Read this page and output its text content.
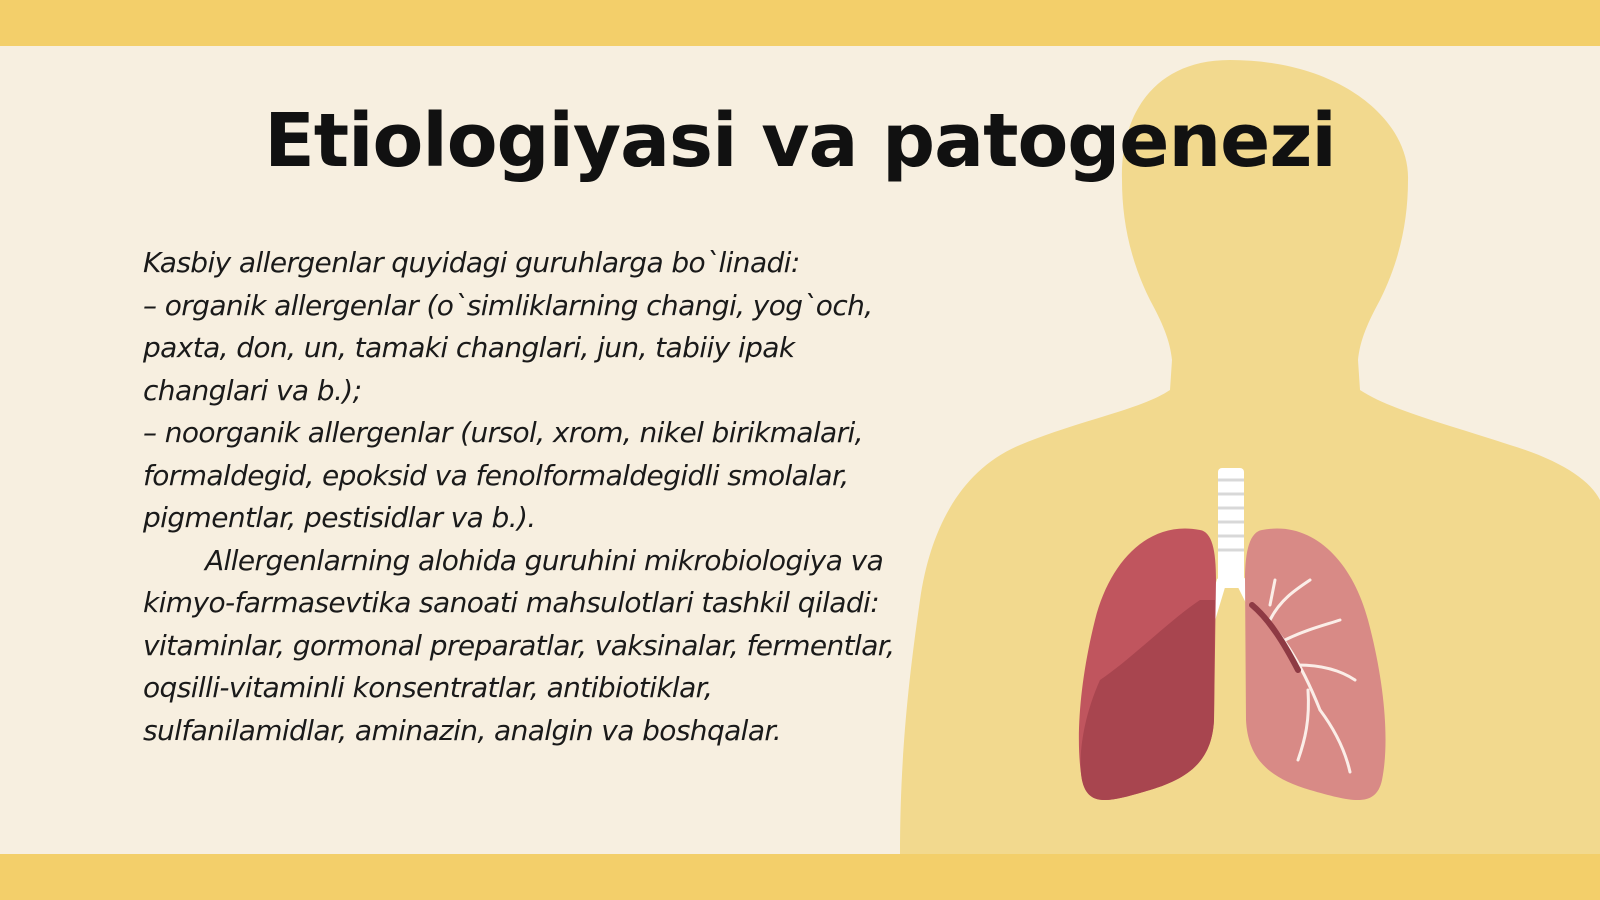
Etiologiyasi va patogenezi

Kasbiy allergenlar quyidagi guruhlarga bo`linadi:

– organik allergenlar (o`simliklarning changi, yog`och,

paxta, don, un, tamaki changlari, jun, tabiiy ipak

changlari va b.);

– noorganik allergenlar (ursol, xrom, nikel birikmalari,

formaldegid, epoksid va fenolformaldegidli smolalar,

pigmentlar, pestisidlar va b.).

Allergenlarning alohida guruhini mikrobiologiya va

kimyo-farmasevtika sanoati mahsulotlari tashkil qiladi:

vitaminlar, gormonal preparatlar, vaksinalar, fermentlar,

oqsilli-vitaminli konsentratlar, antibiotiklar,

sulfanilamidlar, aminazin, analgin va boshqalar.
